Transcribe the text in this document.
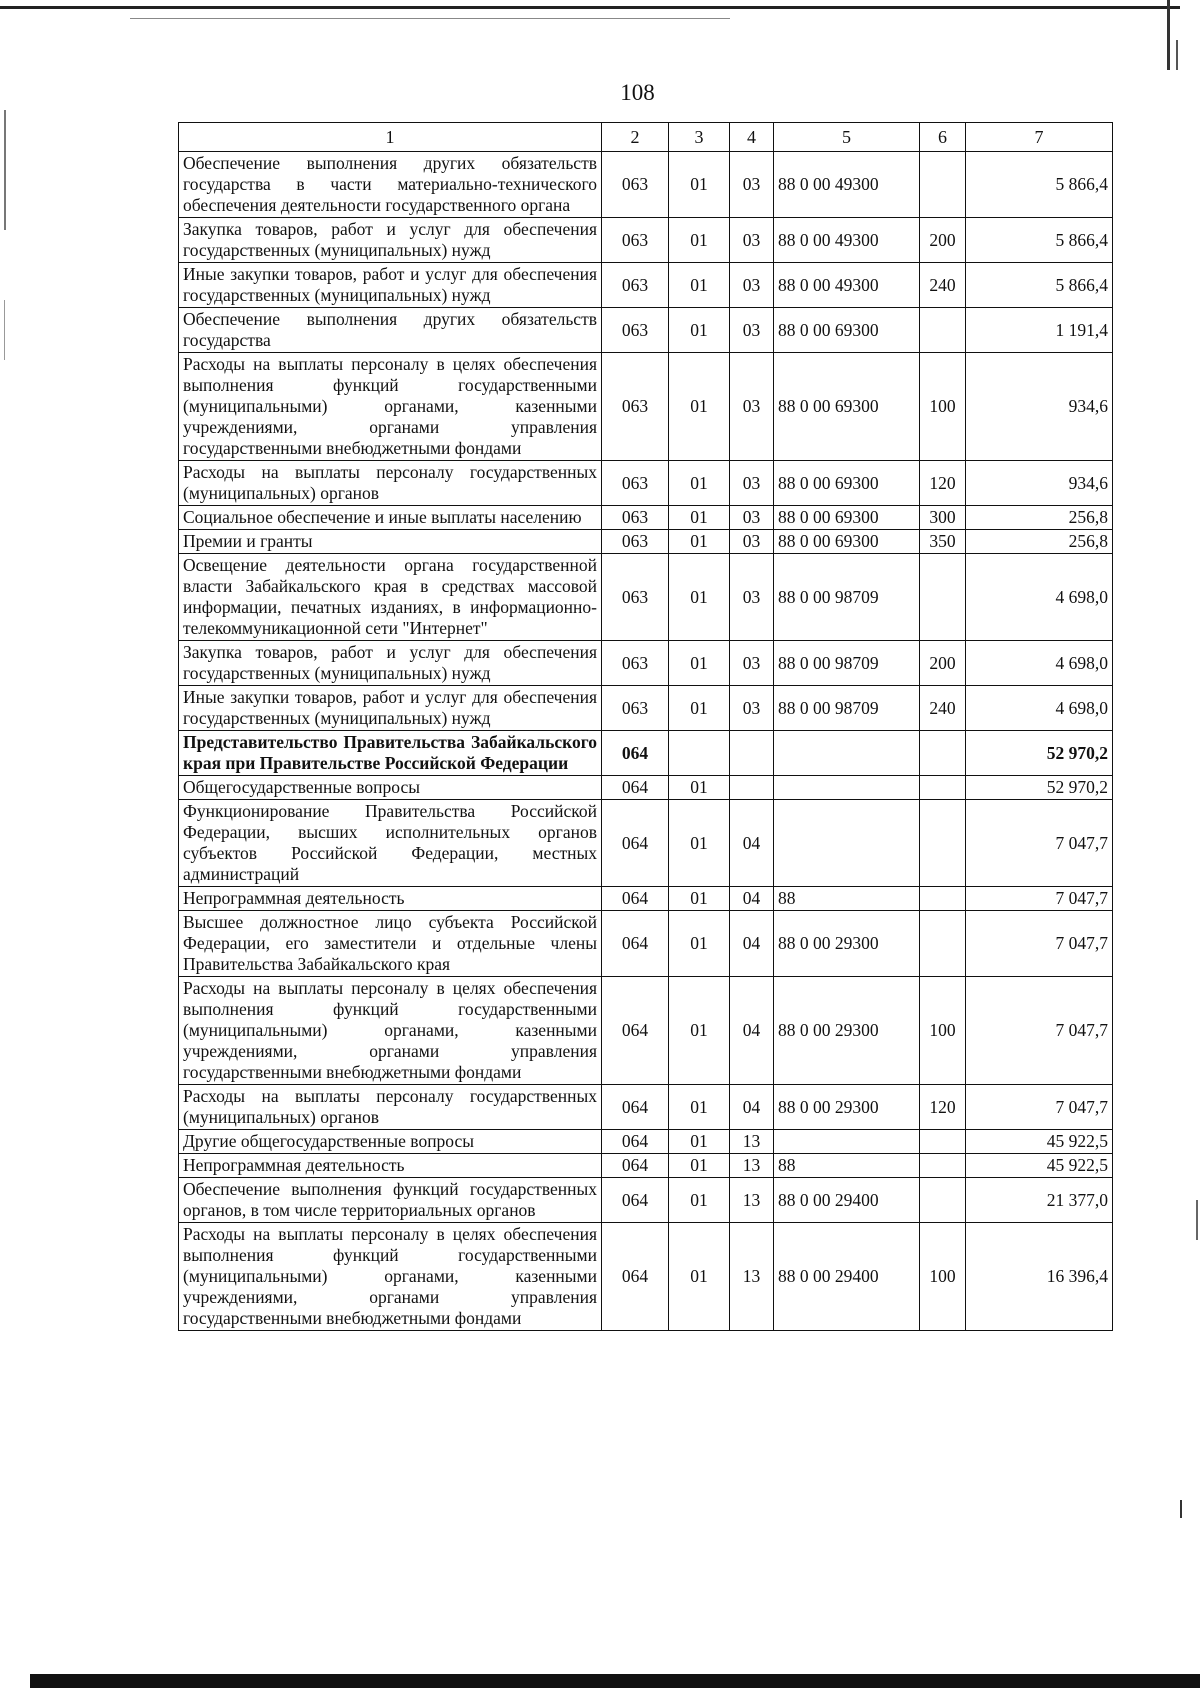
108
1	2	3	4	5	6	7
Обеспечение выполнения других обязательств государства в части материально-технического обеспечения деятельности государственного органа	063	01	03	88 0 00 49300		5 866,4
Закупка товаров, работ и услуг для обеспечения государственных (муниципальных) нужд	063	01	03	88 0 00 49300	200	5 866,4
Иные закупки товаров, работ и услуг для обеспечения государственных (муниципальных) нужд	063	01	03	88 0 00 49300	240	5 866,4
Обеспечение выполнения других обязательств государства	063	01	03	88 0 00 69300		1 191,4
Расходы на выплаты персоналу в целях обеспечения выполнения функций государственными (муниципальными) органами, казенными учреждениями, органами управления государственными внебюджетными фондами	063	01	03	88 0 00 69300	100	934,6
Расходы на выплаты персоналу государственных (муниципальных) органов	063	01	03	88 0 00 69300	120	934,6
Социальное обеспечение и иные выплаты населению	063	01	03	88 0 00 69300	300	256,8
Премии и гранты	063	01	03	88 0 00 69300	350	256,8
Освещение деятельности органа государственной власти Забайкальского края в средствах массовой информации, печатных изданиях, в информационно-телекоммуникационной сети "Интернет"	063	01	03	88 0 00 98709		4 698,0
Закупка товаров, работ и услуг для обеспечения государственных (муниципальных) нужд	063	01	03	88 0 00 98709	200	4 698,0
Иные закупки товаров, работ и услуг для обеспечения государственных (муниципальных) нужд	063	01	03	88 0 00 98709	240	4 698,0
Представительство Правительства Забайкальского края при Правительстве Российской Федерации	064					52 970,2
Общегосударственные вопросы	064	01				52 970,2
Функционирование Правительства Российской Федерации, высших исполнительных органов субъектов Российской Федерации, местных администраций	064	01	04			7 047,7
Непрограммная деятельность	064	01	04	88		7 047,7
Высшее должностное лицо субъекта Российской Федерации, его заместители и отдельные члены Правительства Забайкальского края	064	01	04	88 0 00 29300		7 047,7
Расходы на выплаты персоналу в целях обеспечения выполнения функций государственными (муниципальными) органами, казенными учреждениями, органами управления государственными внебюджетными фондами	064	01	04	88 0 00 29300	100	7 047,7
Расходы на выплаты персоналу государственных (муниципальных) органов	064	01	04	88 0 00 29300	120	7 047,7
Другие общегосударственные вопросы	064	01	13			45 922,5
Непрограммная деятельность	064	01	13	88		45 922,5
Обеспечение выполнения функций государственных органов, в том числе территориальных органов	064	01	13	88 0 00 29400		21 377,0
Расходы на выплаты персоналу в целях обеспечения выполнения функций государственными (муниципальными) органами, казенными учреждениями, органами управления государственными внебюджетными фондами	064	01	13	88 0 00 29400	100	16 396,4
